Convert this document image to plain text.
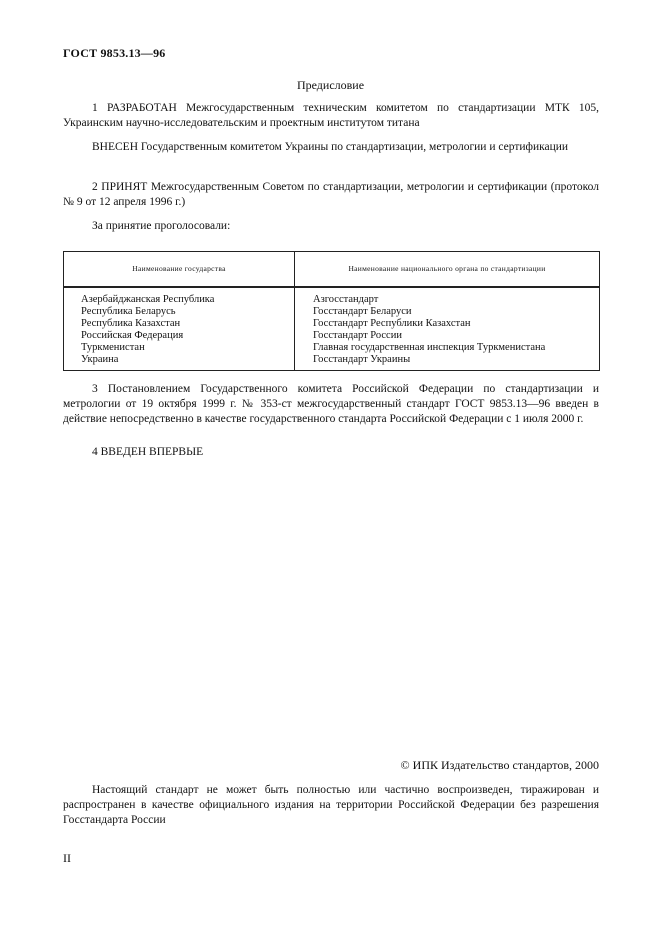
ГОСТ 9853.13—96
Предисловие

1 РАЗРАБОТАН Межгосударственным техническим комитетом по стандартизации МТК 105, Украинским научно-исследовательским и проектным институтом титана

ВНЕСЕН Государственным комитетом Украины по стандартизации, метрологии и сертификации

2 ПРИНЯТ Межгосударственным Советом по стандартизации, метрологии и сертификации (протокол № 9 от 12 апреля 1996 г.)

За принятие проголосовали:

Наименование государства	Наименование национального органа по стандартизации
Азербайджанская Республика	Азгосстандарт
Республика Беларусь	Госстандарт Беларуси
Республика Казахстан	Госстандарт Республики Казахстан
Российская Федерация	Госстандарт России
Туркменистан	Главная государственная инспекция Туркменистана
Украина	Госстандарт Украины

3 Постановлением Государственного комитета Российской Федерации по стандартизации и метрологии от 19 октября 1999 г. № 353-ст межгосударственный стандарт ГОСТ 9853.13—96 введен в действие непосредственно в качестве государственного стандарта Российской Федерации с 1 июля 2000 г.

4 ВВЕДЕН ВПЕРВЫЕ

© ИПК Издательство стандартов, 2000

Настоящий стандарт не может быть полностью или частично воспроизведен, тиражирован и распространен в качестве официального издания на территории Российской Федерации без разрешения Госстандарта России

II
